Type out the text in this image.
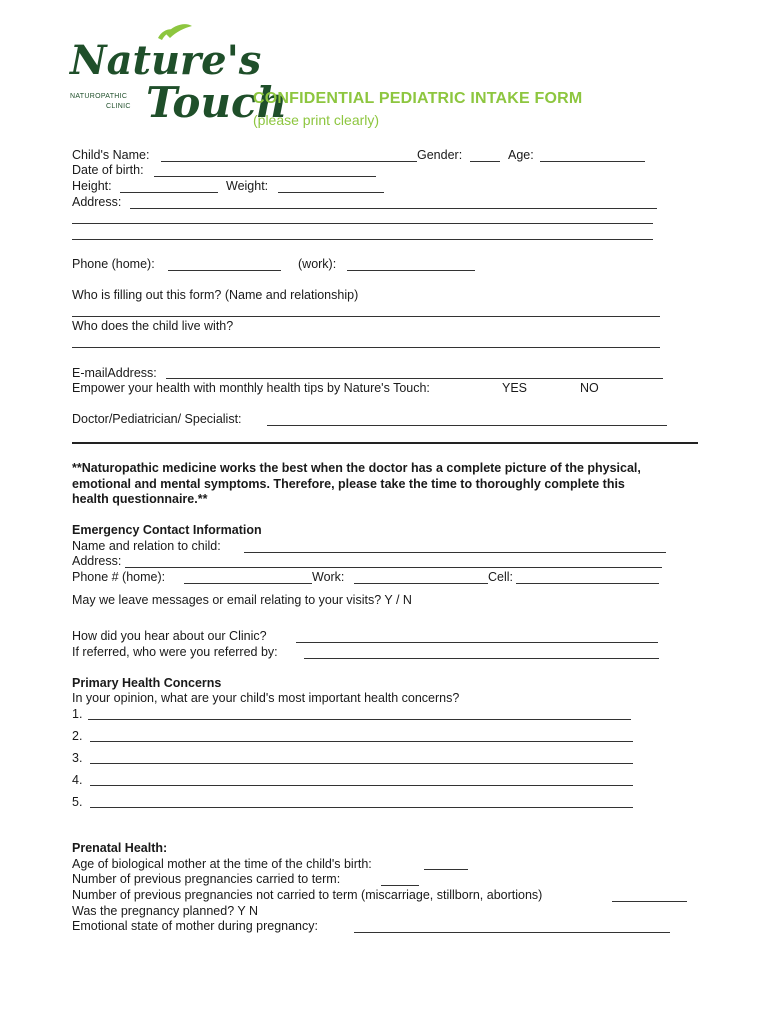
Nature's
Touch
NATUROPATHIC
CLINIC	CONFIDENTIAL PEDIATRIC INTAKE FORM
(please print clearly)
Child's Name:	Gender:	Age:
Date of birth:
Height:	Weight:
Address:
Phone (home):	(work):
Who is filling out this form? (Name and relationship)
Who does the child live with?
E-mailAddress:
Empower your health with monthly health tips by Nature's Touch:	YES	NO
Doctor/Pediatrician/ Specialist:
**Naturopathic medicine works the best when the doctor has a complete picture of the physical,
emotional and mental symptoms. Therefore, please take the time to thoroughly complete this
health questionnaire.**
Emergency Contact Information
Name and relation to child:
Address:
Phone # (home):	Work:	Cell:
May we leave messages or email relating to your visits? Y / N
How did you hear about our Clinic?
If referred, who were you referred by:
Primary Health Concerns
In your opinion, what are your child's most important health concerns?
1.
2.
3.
4.
5.
Prenatal Health:
Age of biological mother at the time of the child's birth:
Number of previous pregnancies carried to term:
Number of previous pregnancies not carried to term (miscarriage, stillborn, abortions)
Was the pregnancy planned? Y N
Emotional state of mother during pregnancy:
